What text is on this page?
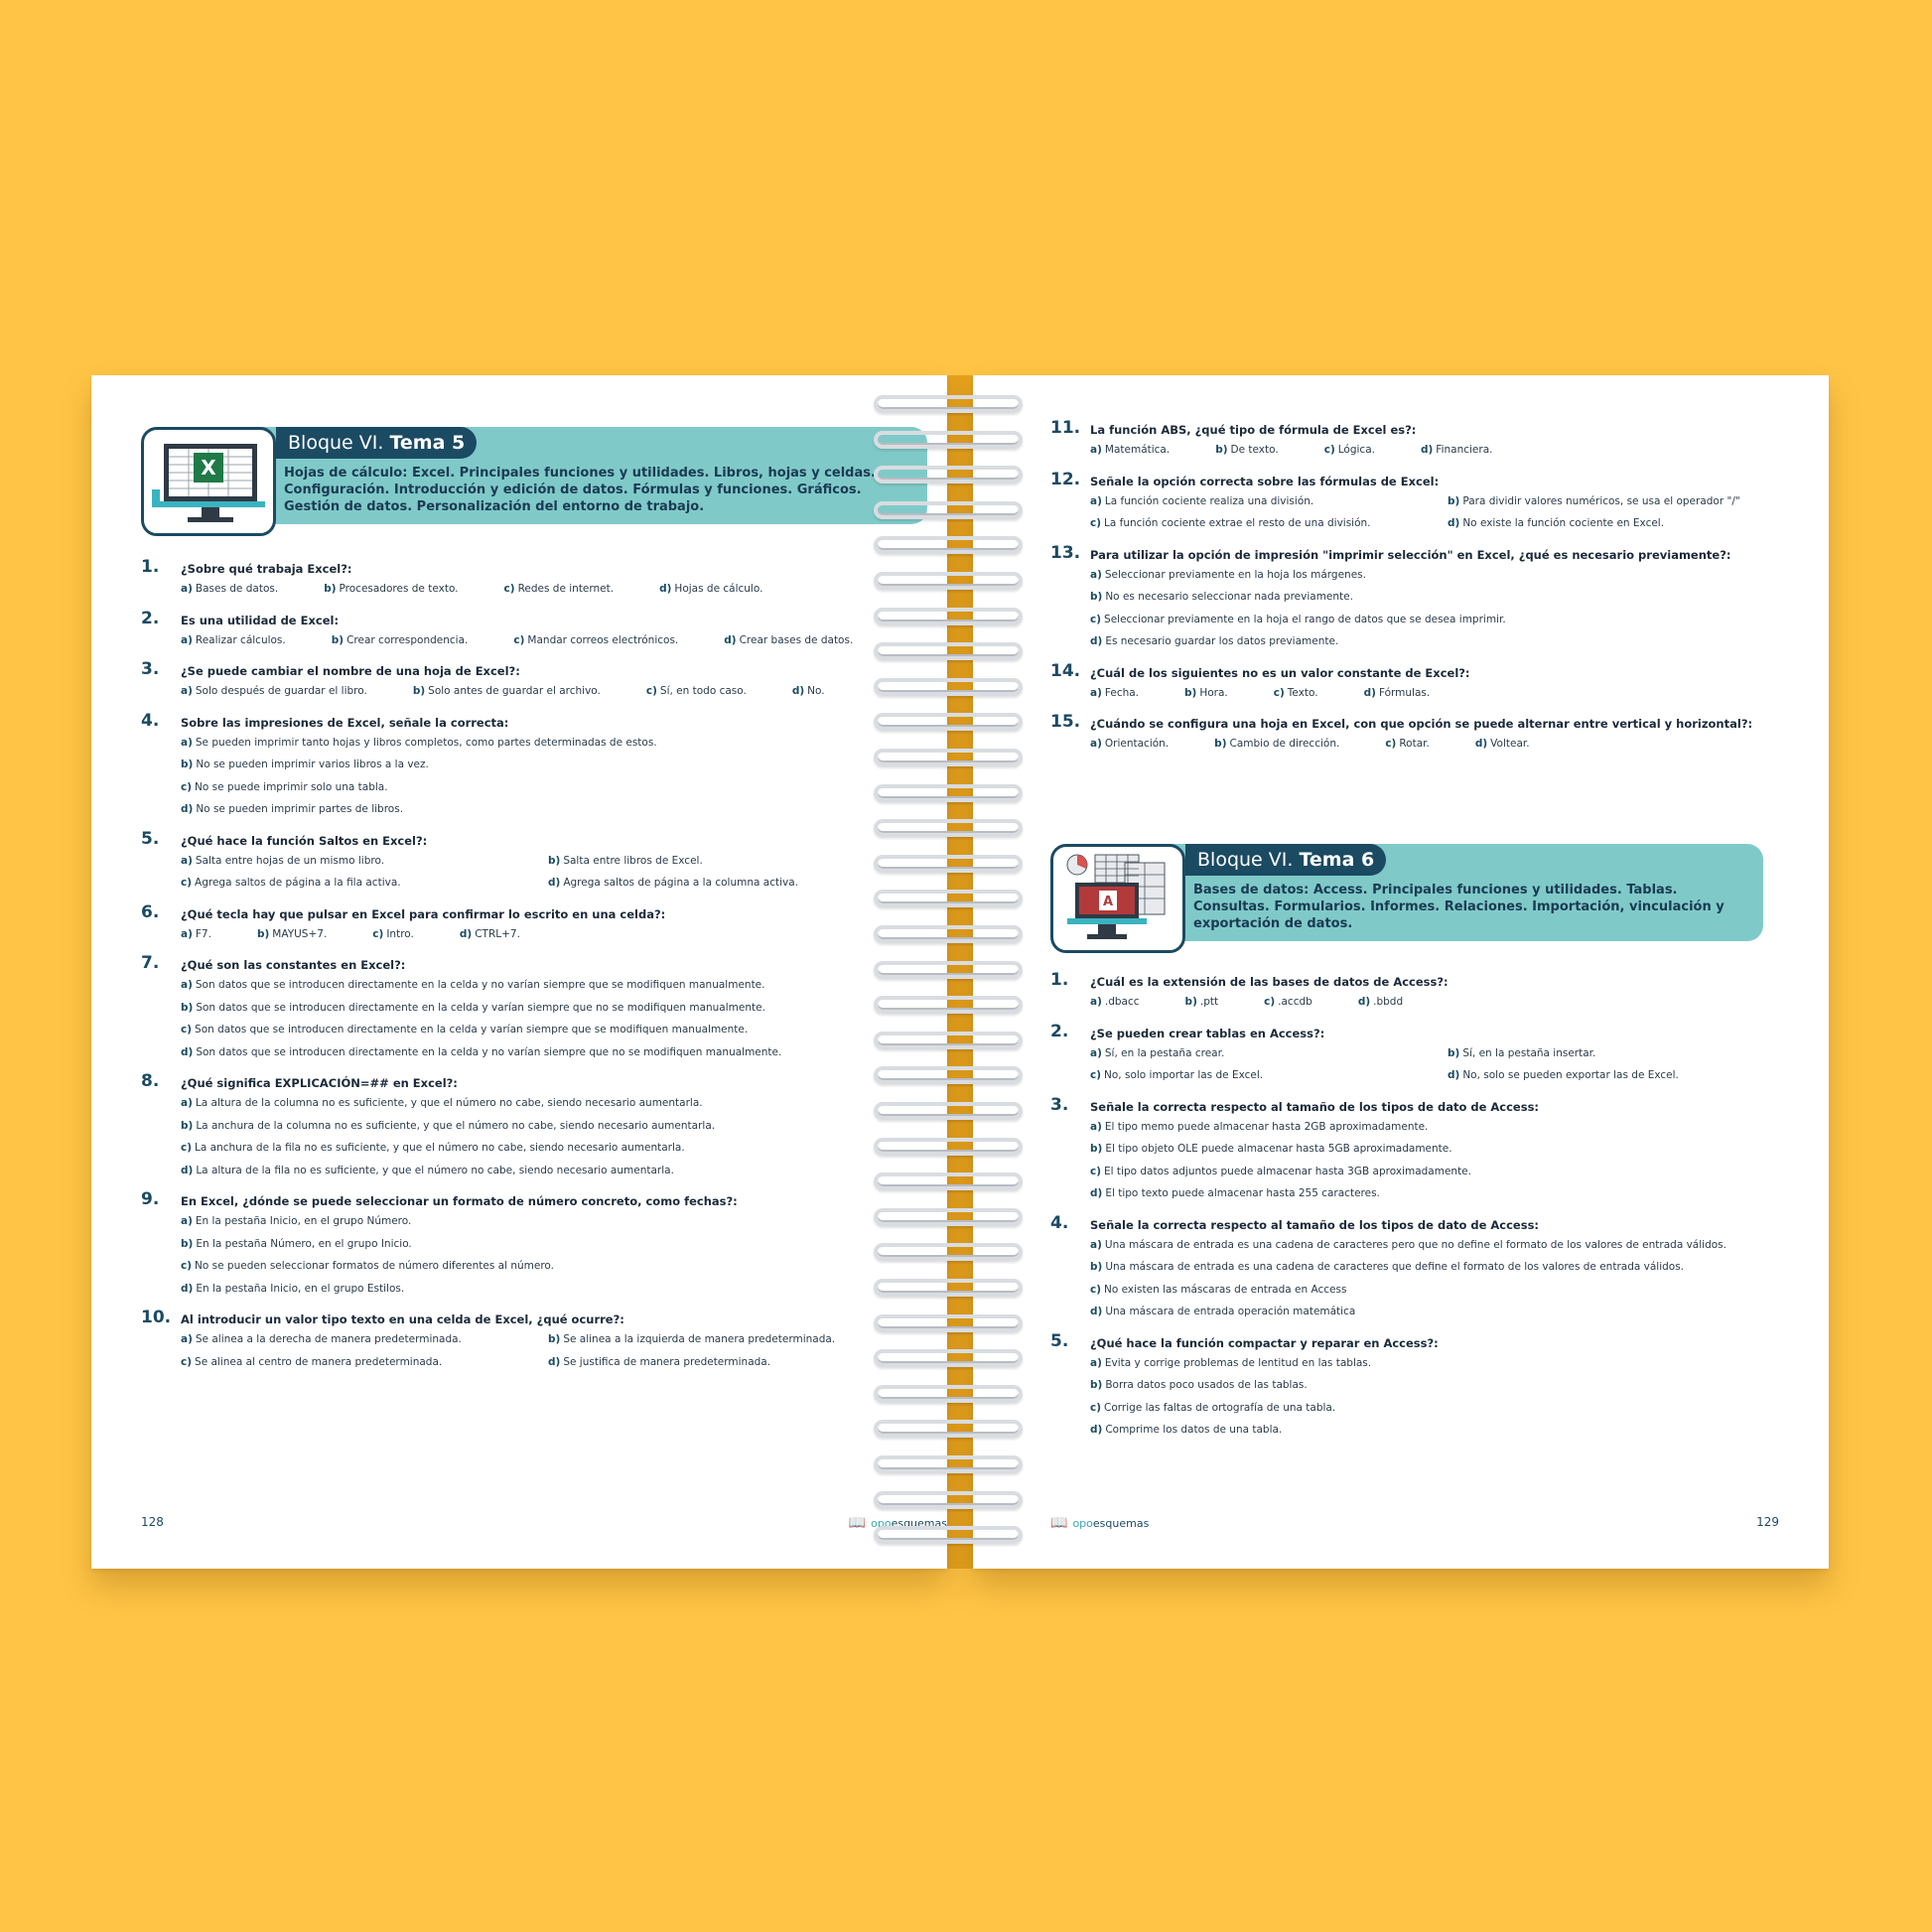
X
Bloque VI. Tema 5
Hojas de cálculo: Excel. Principales funciones y utilidades. Libros, hojas y celdas. Configuración. Introducción y edición de datos. Fórmulas y funciones. Gráficos. Gestión de datos. Personalización del entorno de trabajo.
1. ¿Sobre qué trabaja Excel?:
a) Bases de datos.	b) Procesadores de texto.	c) Redes de internet.	d) Hojas de cálculo.
2. Es una utilidad de Excel:
a) Realizar cálculos.	b) Crear correspondencia.	c) Mandar correos electrónicos.	d) Crear bases de datos.
3. ¿Se puede cambiar el nombre de una hoja de Excel?:
a) Solo después de guardar el libro.	b) Solo antes de guardar el archivo.	c) Sí, en todo caso.	d) No.
4. Sobre las impresiones de Excel, señale la correcta:
a) Se pueden imprimir tanto hojas y libros completos, como partes determinadas de estos.
b) No se pueden imprimir varios libros a la vez.
c) No se puede imprimir solo una tabla.
d) No se pueden imprimir partes de libros.
5. ¿Qué hace la función Saltos en Excel?:
a) Salta entre hojas de un mismo libro.	b) Salta entre libros de Excel.
c) Agrega saltos de página a la fila activa.	d) Agrega saltos de página a la columna activa.
6. ¿Qué tecla hay que pulsar en Excel para confirmar lo escrito en una celda?:
a) F7.	b) MAYUS+7.	c) Intro.	d) CTRL+7.
7. ¿Qué son las constantes en Excel?:
a) Son datos que se introducen directamente en la celda y no varían siempre que se modifiquen manualmente.
b) Son datos que se introducen directamente en la celda y varían siempre que no se modifiquen manualmente.
c) Son datos que se introducen directamente en la celda y varían siempre que se modifiquen manualmente.
d) Son datos que se introducen directamente en la celda y no varían siempre que no se modifiquen manualmente.
8. ¿Qué significa EXPLICACIÓN=## en Excel?:
a) La altura de la columna no es suficiente, y que el número no cabe, siendo necesario aumentarla.
b) La anchura de la columna no es suficiente, y que el número no cabe, siendo necesario aumentarla.
c) La anchura de la fila no es suficiente, y que el número no cabe, siendo necesario aumentarla.
d) La altura de la fila no es suficiente, y que el número no cabe, siendo necesario aumentarla.
9. En Excel, ¿dónde se puede seleccionar un formato de número concreto, como fechas?:
a) En la pestaña Inicio, en el grupo Número.
b) En la pestaña Número, en el grupo Inicio.
c) No se pueden seleccionar formatos de número diferentes al número.
d) En la pestaña Inicio, en el grupo Estilos.
10. Al introducir un valor tipo texto en una celda de Excel, ¿qué ocurre?:
a) Se alinea a la derecha de manera predeterminada.	b) Se alinea a la izquierda de manera predeterminada.
c) Se alinea al centro de manera predeterminada.	d) Se justifica de manera predeterminada.
128	📖 opo esquemas
11. La función ABS, ¿qué tipo de fórmula de Excel es?:
a) Matemática.	b) De texto.	c) Lógica.	d) Financiera.
12. Señale la opción correcta sobre las fórmulas de Excel:
a) La función cociente realiza una división.	b) Para dividir valores numéricos, se usa el operador "/"
c) La función cociente extrae el resto de una división.	d) No existe la función cociente en Excel.
13. Para utilizar la opción de impresión "imprimir selección" en Excel, ¿qué es necesario previamente?:
a) Seleccionar previamente en la hoja los márgenes.
b) No es necesario seleccionar nada previamente.
c) Seleccionar previamente en la hoja el rango de datos que se desea imprimir.
d) Es necesario guardar los datos previamente.
14. ¿Cuál de los siguientes no es un valor constante de Excel?:
a) Fecha.	b) Hora.	c) Texto.	d) Fórmulas.
15. ¿Cuándo se configura una hoja en Excel, con que opción se puede alternar entre vertical y horizontal?:
a) Orientación.	b) Cambio de dirección.	c) Rotar.	d) Voltear.
A
Bloque VI. Tema 6
Bases de datos: Access. Principales funciones y utilidades. Tablas. Consultas. Formularios. Informes. Relaciones. Importación, vinculación y exportación de datos.
1. ¿Cuál es la extensión de las bases de datos de Access?:
a) .dbacc	b) .ptt	c) .accdb	d) .bbdd
2. ¿Se pueden crear tablas en Access?:
a) Sí, en la pestaña crear.	b) Sí, en la pestaña insertar.
c) No, solo importar las de Excel.	d) No, solo se pueden exportar las de Excel.
3. Señale la correcta respecto al tamaño de los tipos de dato de Access:
a) El tipo memo puede almacenar hasta 2GB aproximadamente.
b) El tipo objeto OLE puede almacenar hasta 5GB aproximadamente.
c) El tipo datos adjuntos puede almacenar hasta 3GB aproximadamente.
d) El tipo texto puede almacenar hasta 255 caracteres.
4. Señale la correcta respecto al tamaño de los tipos de dato de Access:
a) Una máscara de entrada es una cadena de caracteres pero que no define el formato de los valores de entrada válidos.
b) Una máscara de entrada es una cadena de caracteres que define el formato de los valores de entrada válidos.
c) No existen las máscaras de entrada en Access
d) Una máscara de entrada operación matemática
5. ¿Qué hace la función compactar y reparar en Access?:
a) Evita y corrige problemas de lentitud en las tablas.
b) Borra datos poco usados de las tablas.
c) Corrige las faltas de ortografía de una tabla.
d) Comprime los datos de una tabla.
129
📖 opo esquemas
